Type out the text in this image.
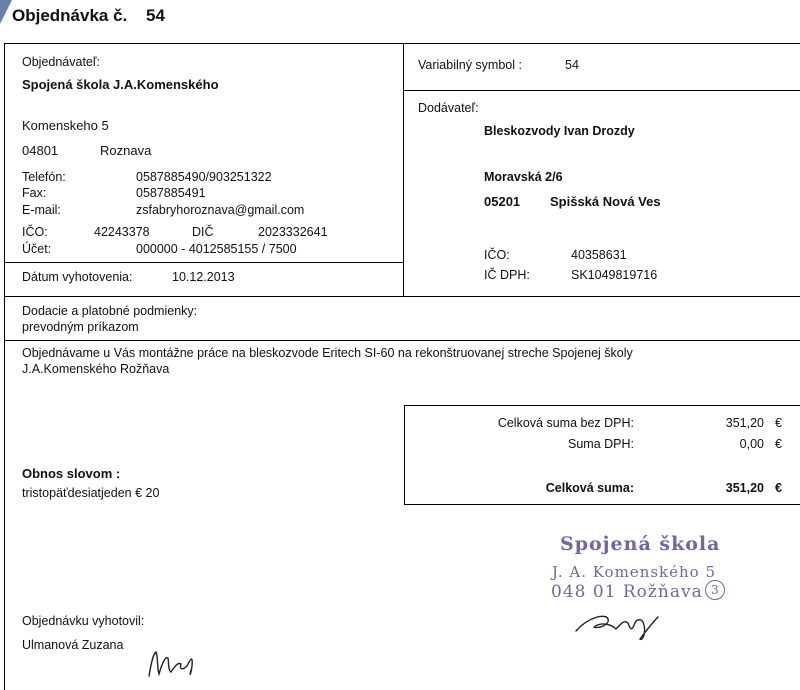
Objednávka č. 54
Objednávateľ:
Spojená škola J.A.Komenského
Komenskeho 5
04801	Roznava
Telefón:	0587885490/903251322
Fax:	0587885491
E-mail:	zsfabryhoroznava@gmail.com
IČO:	42243378	DIČ	2023332641
Účet:	000000 - 4012585155 / 7500
Dátum vyhotovenia:	10.12.2013
Variabilný symbol :	54
Dodávateľ:
Bleskozvody Ivan Drozdy
Moravská 2/6
05201 Spišská Nová Ves
IČO:	40358631
IČ DPH:	SK1049819716
Dodacie a platobné podmienky:
prevodným príkazom
Objednávame u Vás montážne práce na bleskozvode Eritech SI-60 na rekonštruovanej streche Spojenej školy
J.A.Komenského Rožňava
Celková suma bez DPH:	351,20 €
Suma DPH:	0,00 €
Celková suma:	351,20 €
Obnos slovom :
tristopäťdesiatjeden € 20
Objednávku vyhotovil:
Ulmanová Zuzana
Spojená škola
J. A. Komenského 5
048 01 Rožňava 3
